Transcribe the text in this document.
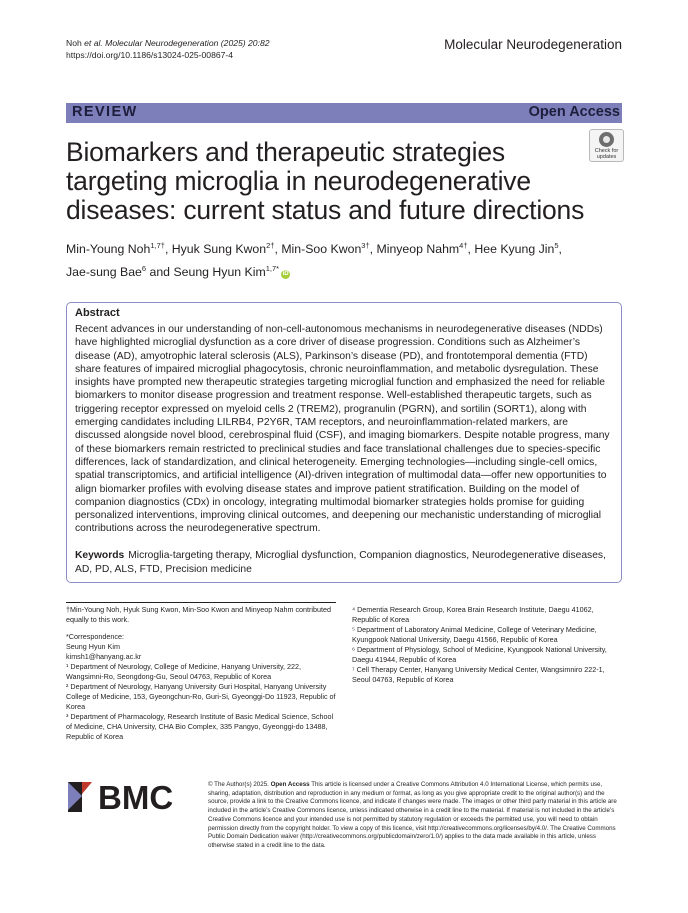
Noh et al. Molecular Neurodegeneration (2025) 20:82
https://doi.org/10.1186/s13024-025-00867-4
Molecular Neurodegeneration
REVIEW	Open Access
Check for updates
Biomarkers and therapeutic strategies targeting microglia in neurodegenerative diseases: current status and future directions
Min-Young Noh$^{1,7\dagger}$, Hyuk Sung Kwon$^{2\dagger}$, Min-Soo Kwon$^{3\dagger}$, Minyeop Nahm$^{4\dagger}$, Hee Kyung Jin$^5$,
Jae-sung Bae$^6$ and Seung Hyun Kim$^{1,7*}$iD
Abstract
Recent advances in our understanding of non-cell-autonomous mechanisms in neurodegenerative diseases (NDDs) have highlighted microglial dysfunction as a core driver of disease progression. Conditions such as Alzheimer’s disease (AD), amyotrophic lateral sclerosis (ALS), Parkinson’s disease (PD), and frontotemporal dementia (FTD) share features of impaired microglial phagocytosis, chronic neuroinflammation, and metabolic dysregulation. These insights have prompted new therapeutic strategies targeting microglial function and emphasized the need for reliable biomarkers to monitor disease progression and treatment response. Well-established therapeutic targets, such as triggering receptor expressed on myeloid cells 2 (TREM2), progranulin (PGRN), and sortilin (SORT1), along with emerging candidates including LILRB4, P2Y6R, TAM receptors, and neuroinflammation-related markers, are discussed alongside novel blood, cerebrospinal fluid (CSF), and imaging biomarkers. Despite notable progress, many of these biomarkers remain restricted to preclinical studies and face translational challenges due to species-specific differences, lack of standardization, and clinical heterogeneity. Emerging technologies—including single-cell omics, spatial transcriptomics, and artificial intelligence (AI)-driven integration of multimodal data—offer new opportunities to align biomarker profiles with evolving disease states and improve patient stratification. Building on the model of companion diagnostics (CDx) in oncology, integrating multimodal biomarker strategies holds promise for guiding personalized interventions, improving clinical outcomes, and deepening our mechanistic understanding of microglial contributions across the neurodegenerative spectrum.
Keywords Microglia-targeting therapy, Microglial dysfunction, Companion diagnostics, Neurodegenerative diseases, AD, PD, ALS, FTD, Precision medicine
†Min-Young Noh, Hyuk Sung Kwon, Min-Soo Kwon and Minyeop Nahm contributed equally to this work.
*Correspondence:
Seung Hyun Kim
kimsh1@hanyang.ac.kr
¹ Department of Neurology, College of Medicine, Hanyang University, 222, Wangsimni-Ro, Seongdong-Gu, Seoul 04763, Republic of Korea
² Department of Neurology, Hanyang University Guri Hospital, Hanyang University College of Medicine, 153, Gyeongchun-Ro, Guri-Si, Gyeonggi-Do 11923, Republic of Korea
³ Department of Pharmacology, Research Institute of Basic Medical Science, School of Medicine, CHA University, CHA Bio Complex, 335 Pangyo, Gyeonggi-do 13488, Republic of Korea
⁴ Dementia Research Group, Korea Brain Research Institute, Daegu 41062, Republic of Korea
⁵ Department of Laboratory Animal Medicine, College of Veterinary Medicine, Kyungpook National University, Daegu 41566, Republic of Korea
⁶ Department of Physiology, School of Medicine, Kyungpook National University, Daegu 41944, Republic of Korea
⁷ Cell Therapy Center, Hanyang University Medical Center, Wangsimniro 222-1, Seoul 04763, Republic of Korea
BMC	© The Author(s) 2025. Open Access This article is licensed under a Creative Commons Attribution 4.0 International License, which permits use, sharing, adaptation, distribution and reproduction in any medium or format, as long as you give appropriate credit to the original author(s) and the source, provide a link to the Creative Commons licence, and indicate if changes were made. The images or other third party material in this article are included in the article’s Creative Commons licence, unless indicated otherwise in a credit line to the material. If material is not included in the article’s Creative Commons licence and your intended use is not permitted by statutory regulation or exceeds the permitted use, you will need to obtain permission directly from the copyright holder. To view a copy of this licence, visit http://creativecommons.org/licenses/by/4.0/. The Creative Commons Public Domain Dedication waiver (http://creativecommons.org/publicdomain/zero/1.0/) applies to the data made available in this article, unless otherwise stated in a credit line to the data.
